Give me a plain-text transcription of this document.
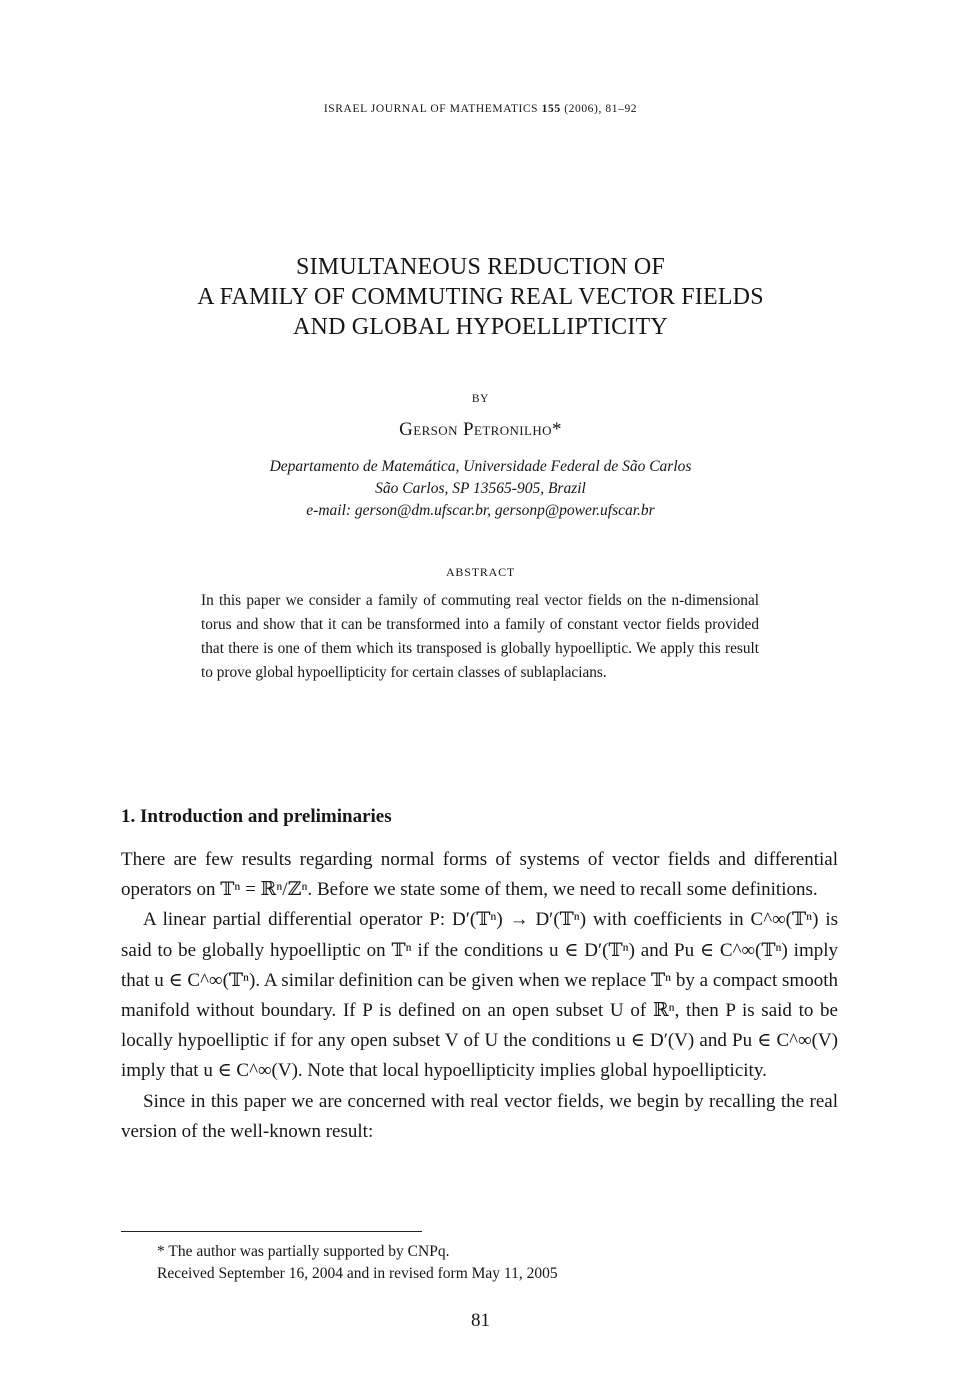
ISRAEL JOURNAL OF MATHEMATICS 155 (2006), 81–92
SIMULTANEOUS REDUCTION OF
A FAMILY OF COMMUTING REAL VECTOR FIELDS
AND GLOBAL HYPOELLIPTICITY
BY
Gerson Petronilho*
Departamento de Matemática, Universidade Federal de São Carlos
São Carlos, SP 13565-905, Brazil
e-mail: gerson@dm.ufscar.br, gersonp@power.ufscar.br
ABSTRACT

In this paper we consider a family of commuting real vector fields on the n-dimensional torus and show that it can be transformed into a family of constant vector fields provided that there is one of them which its transposed is globally hypoelliptic. We apply this result to prove global hypoellipticity for certain classes of sublaplacians.

1. Introduction and preliminaries

There are few results regarding normal forms of systems of vector fields and differential operators on 𝕋ⁿ = ℝⁿ/ℤⁿ. Before we state some of them, we need to recall some definitions.

A linear partial differential operator P: D′(𝕋ⁿ) → D′(𝕋ⁿ) with coefficients in C^∞(𝕋ⁿ) is said to be globally hypoelliptic on 𝕋ⁿ if the conditions u ∈ D′(𝕋ⁿ) and Pu ∈ C^∞(𝕋ⁿ) imply that u ∈ C^∞(𝕋ⁿ). A similar definition can be given when we replace 𝕋ⁿ by a compact smooth manifold without boundary. If P is defined on an open subset U of ℝⁿ, then P is said to be locally hypoelliptic if for any open subset V of U the conditions u ∈ D′(V) and Pu ∈ C^∞(V) imply that u ∈ C^∞(V). Note that local hypoellipticity implies global hypoellipticity.

Since in this paper we are concerned with real vector fields, we begin by recalling the real version of the well-known result:

* The author was partially supported by CNPq.
Received September 16, 2004 and in revised form May 11, 2005
81
